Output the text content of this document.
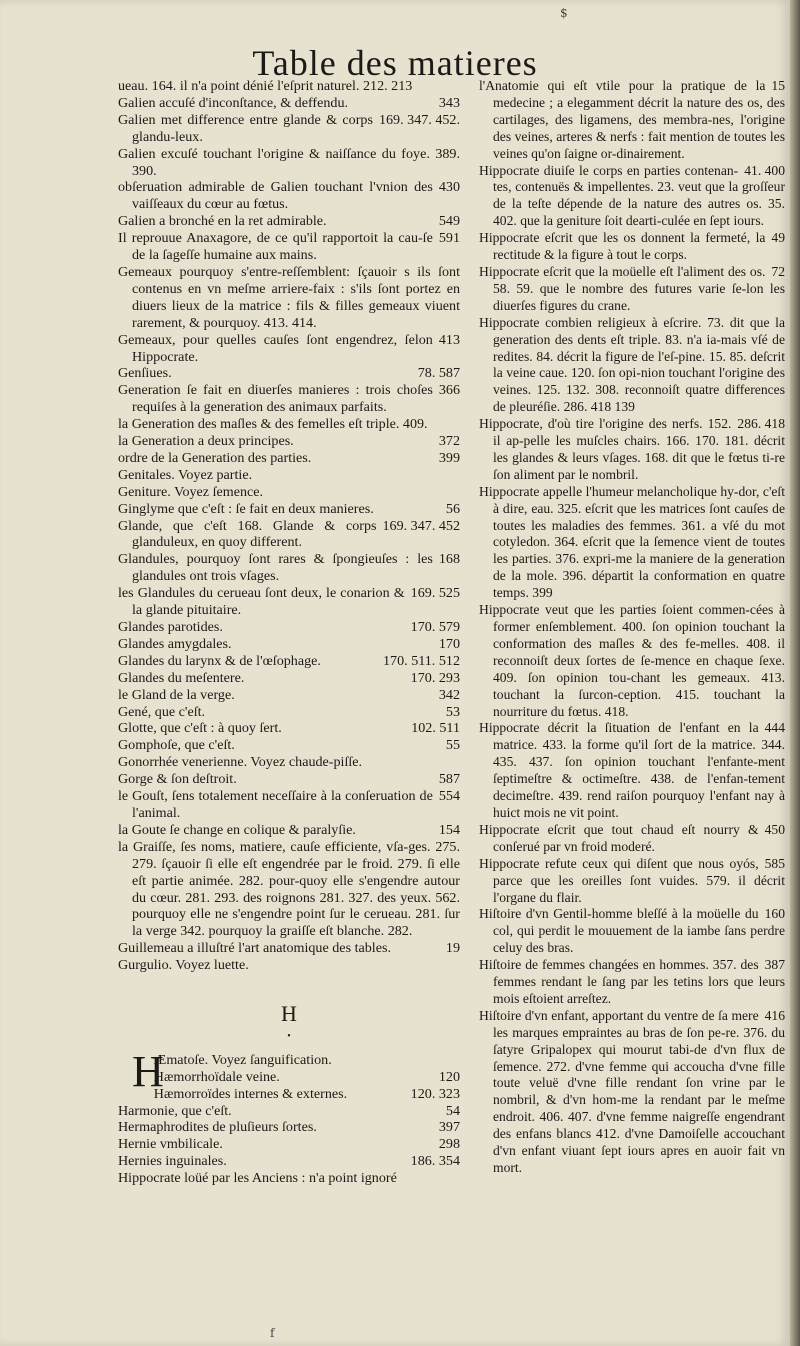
$
Table des matieres

ueau. 164. il n'a point dénié l'eſprit naturel. 212. 213

343
Galien accuſé d'inconſtance, & deffendu.

169. 347. 452.
Galien met difference entre glande & corps glandu-leux.

Galien excuſé touchant l'origine & naiſſance du foye. 389. 390.

430
obſeruation admirable de Galien touchant l'vnion des vaiſſeaux du cœur au fœtus.

549
Galien a bronché en la ret admirable.

591
Il reprouue Anaxagore, de ce qu'il rapportoit la cau-ſe de la ſageſſe humaine aux mains.

Gemeaux pourquoy s'entre-reſſemblent: ſçauoir s ils ſont contenus en vn meſme arriere-faix : s'ils ſont portez en diuers lieux de la matrice : fils & filles gemeaux viuent rarement, & pourquoy. 413. 414.

413
Gemeaux, pour quelles cauſes ſont engendrez, ſelon Hippocrate.

78. 587
Genſiues.

366
Generation ſe fait en diuerſes manieres : trois choſes requiſes à la generation des animaux parfaits.

la Generation des maſles & des femelles eſt triple. 409.

372
la Generation a deux principes.

399
ordre de la Generation des parties.

Genitales. Voyez partie.

Geniture. Voyez ſemence.

56
Ginglyme que c'eſt : ſe fait en deux manieres.

169. 347. 452
Glande, que c'eſt 168. Glande & corps glanduleux, en quoy different.

168
Glandules, pourquoy ſont rares & ſpongieuſes : les glandules ont trois vſages.

169. 525
les Glandules du cerueau ſont deux, le conarion & la glande pituitaire.

170. 579
Glandes parotides.

170
Glandes amygdales.

170. 511. 512
Glandes du larynx & de l'œſophage.

170. 293
Glandes du meſentere.

342
le Gland de la verge.

53
Gené, que c'eſt.

102. 511
Glotte, que c'eſt : à quoy ſert.

55
Gomphoſe, que c'eſt.

Gonorrhée venerienne. Voyez chaude-piſſe.

587
Gorge & ſon deſtroit.

554
le Gouſt, ſens totalement neceſſaire à la conſeruation de l'animal.

154
la Goute ſe change en colique & paralyſie.

la Graiſſe, ſes noms, matiere, cauſe efficiente, vſa-ges. 275. 279. ſçauoir ſi elle eſt engendrée par le froid. 279. ſi elle eſt partie animée. 282. pour-quoy elle s'engendre autour du cœur. 281. 293. des roignons 281. 327. des yeux. 562. pourquoy elle ne s'engendre point ſur le cerueau. 281. ſur la verge 342. pourquoy la graiſſe eſt blanche. 282.

19
Guillemeau a illuſtré l'art anatomique des tables.

Gurgulio. Voyez luette.

H
•

H
Æmatoſe. Voyez ſanguification.

120
Hæmorrhoïdale veine.

120. 323
Hæmorroïdes internes & externes.

54
Harmonie, que c'eſt.

397
Hermaphrodites de pluſieurs ſortes.

298
Hernie vmbilicale.

186. 354
Hernies inguinales.

Hippocrate loüé par les Anciens : n'a point ignoré

15
l'Anatomie qui eſt vtile pour la pratique de la medecine ; a elegamment décrit la nature des os, des cartilages, des ligamens, des membra-nes, l'origine des veines, arteres & nerfs : fait mention de toutes les veines qu'on ſaigne or-dinairement.

41. 400
Hippocrate diuiſe le corps en parties contenan-tes, contenuës & impellentes. 23. veut que la groſſeur de la teſte dépende de la nature des autres os. 35. 402. que la geniture ſoit dearti-culée en ſept iours.

49
Hippocrate eſcrit que les os donnent la fermeté, la rectitude & la figure à tout le corps.

72
Hippocrate eſcrit que la moüelle eſt l'aliment des os. 58. 59. que le nombre des futures varie ſe-lon les diuerſes figures du crane.

Hippocrate combien religieux à eſcrire. 73. dit que la generation des dents eſt triple. 83. n'a ia-mais vſé de redites. 84. décrit la figure de l'eſ-pine. 15. 85. deſcrit la veine caue. 120. ſon opi-nion touchant l'origine des veines. 125. 132. 308. reconnoiſt quatre differences de pleuréſie. 286. 418 139

286. 418
Hippocrate, d'où tire l'origine des nerfs. 152. il ap-pelle les muſcles chairs. 166. 170. 181. décrit les glandes & leurs vſages. 168. dit que le fœtus ti-re ſon aliment par le nombril.

Hippocrate appelle l'humeur melancholique hy-dor, c'eſt à dire, eau. 325. eſcrit que les matrices ſont cauſes de toutes les maladies des femmes. 361. a vſé du mot cotyledon. 364. eſcrit que la ſemence vient de toutes les parties. 376. expri-me la maniere de la generation de la mole. 396. départit la conformation en quatre temps. 399

Hippocrate veut que les parties ſoient commen-cées à former enſemblement. 400. ſon opinion touchant la conformation des maſles & des fe-melles. 408. il reconnoiſt deux ſortes de ſe-mence en chaque ſexe. 409. ſon opinion tou-chant les gemeaux. 413. touchant la ſurcon-ception. 415. touchant la nourriture du fœtus. 418.

444
Hippocrate décrit la ſituation de l'enfant en la matrice. 433. la forme qu'il ſort de la matrice. 344. 435. 437. ſon opinion touchant l'enfante-ment ſeptimeſtre & octimeſtre. 438. de l'enfan-tement decimeſtre. 439. rend raiſon pourquoy l'enfant nay à huict mois ne vit point.

450
Hippocrate eſcrit que tout chaud eſt nourry & conſerué par vn froid moderé.

585
Hippocrate refute ceux qui diſent que nous oyós, parce que les oreilles ſont vuides. 579. il décrit l'organe du flair.

160
Hiſtoire d'vn Gentil-homme bleſſé à la moüelle du col, qui perdit le mouuement de la iambe ſans perdre celuy des bras.

387
Hiſtoire de femmes changées en hommes. 357. des femmes rendant le ſang par les tetins lors que leurs mois eſtoient arreſtez.

416
Hiſtoire d'vn enfant, apportant du ventre de ſa mere les marques empraintes au bras de ſon pe-re. 376. du ſatyre Gripalopex qui mourut tabi-de d'vn flux de ſemence. 272. d'vne femme qui accoucha d'vne fille toute veluë d'vne fille rendant ſon vrine par le nombril, & d'vn hom-me la rendant par le meſme endroit. 406. 407. d'vne femme naigreſſe engendrant des enfans blancs 412. d'vne Damoiſelle accouchant d'vn enfant viuant ſept iours apres en auoir fait vn mort.

f
